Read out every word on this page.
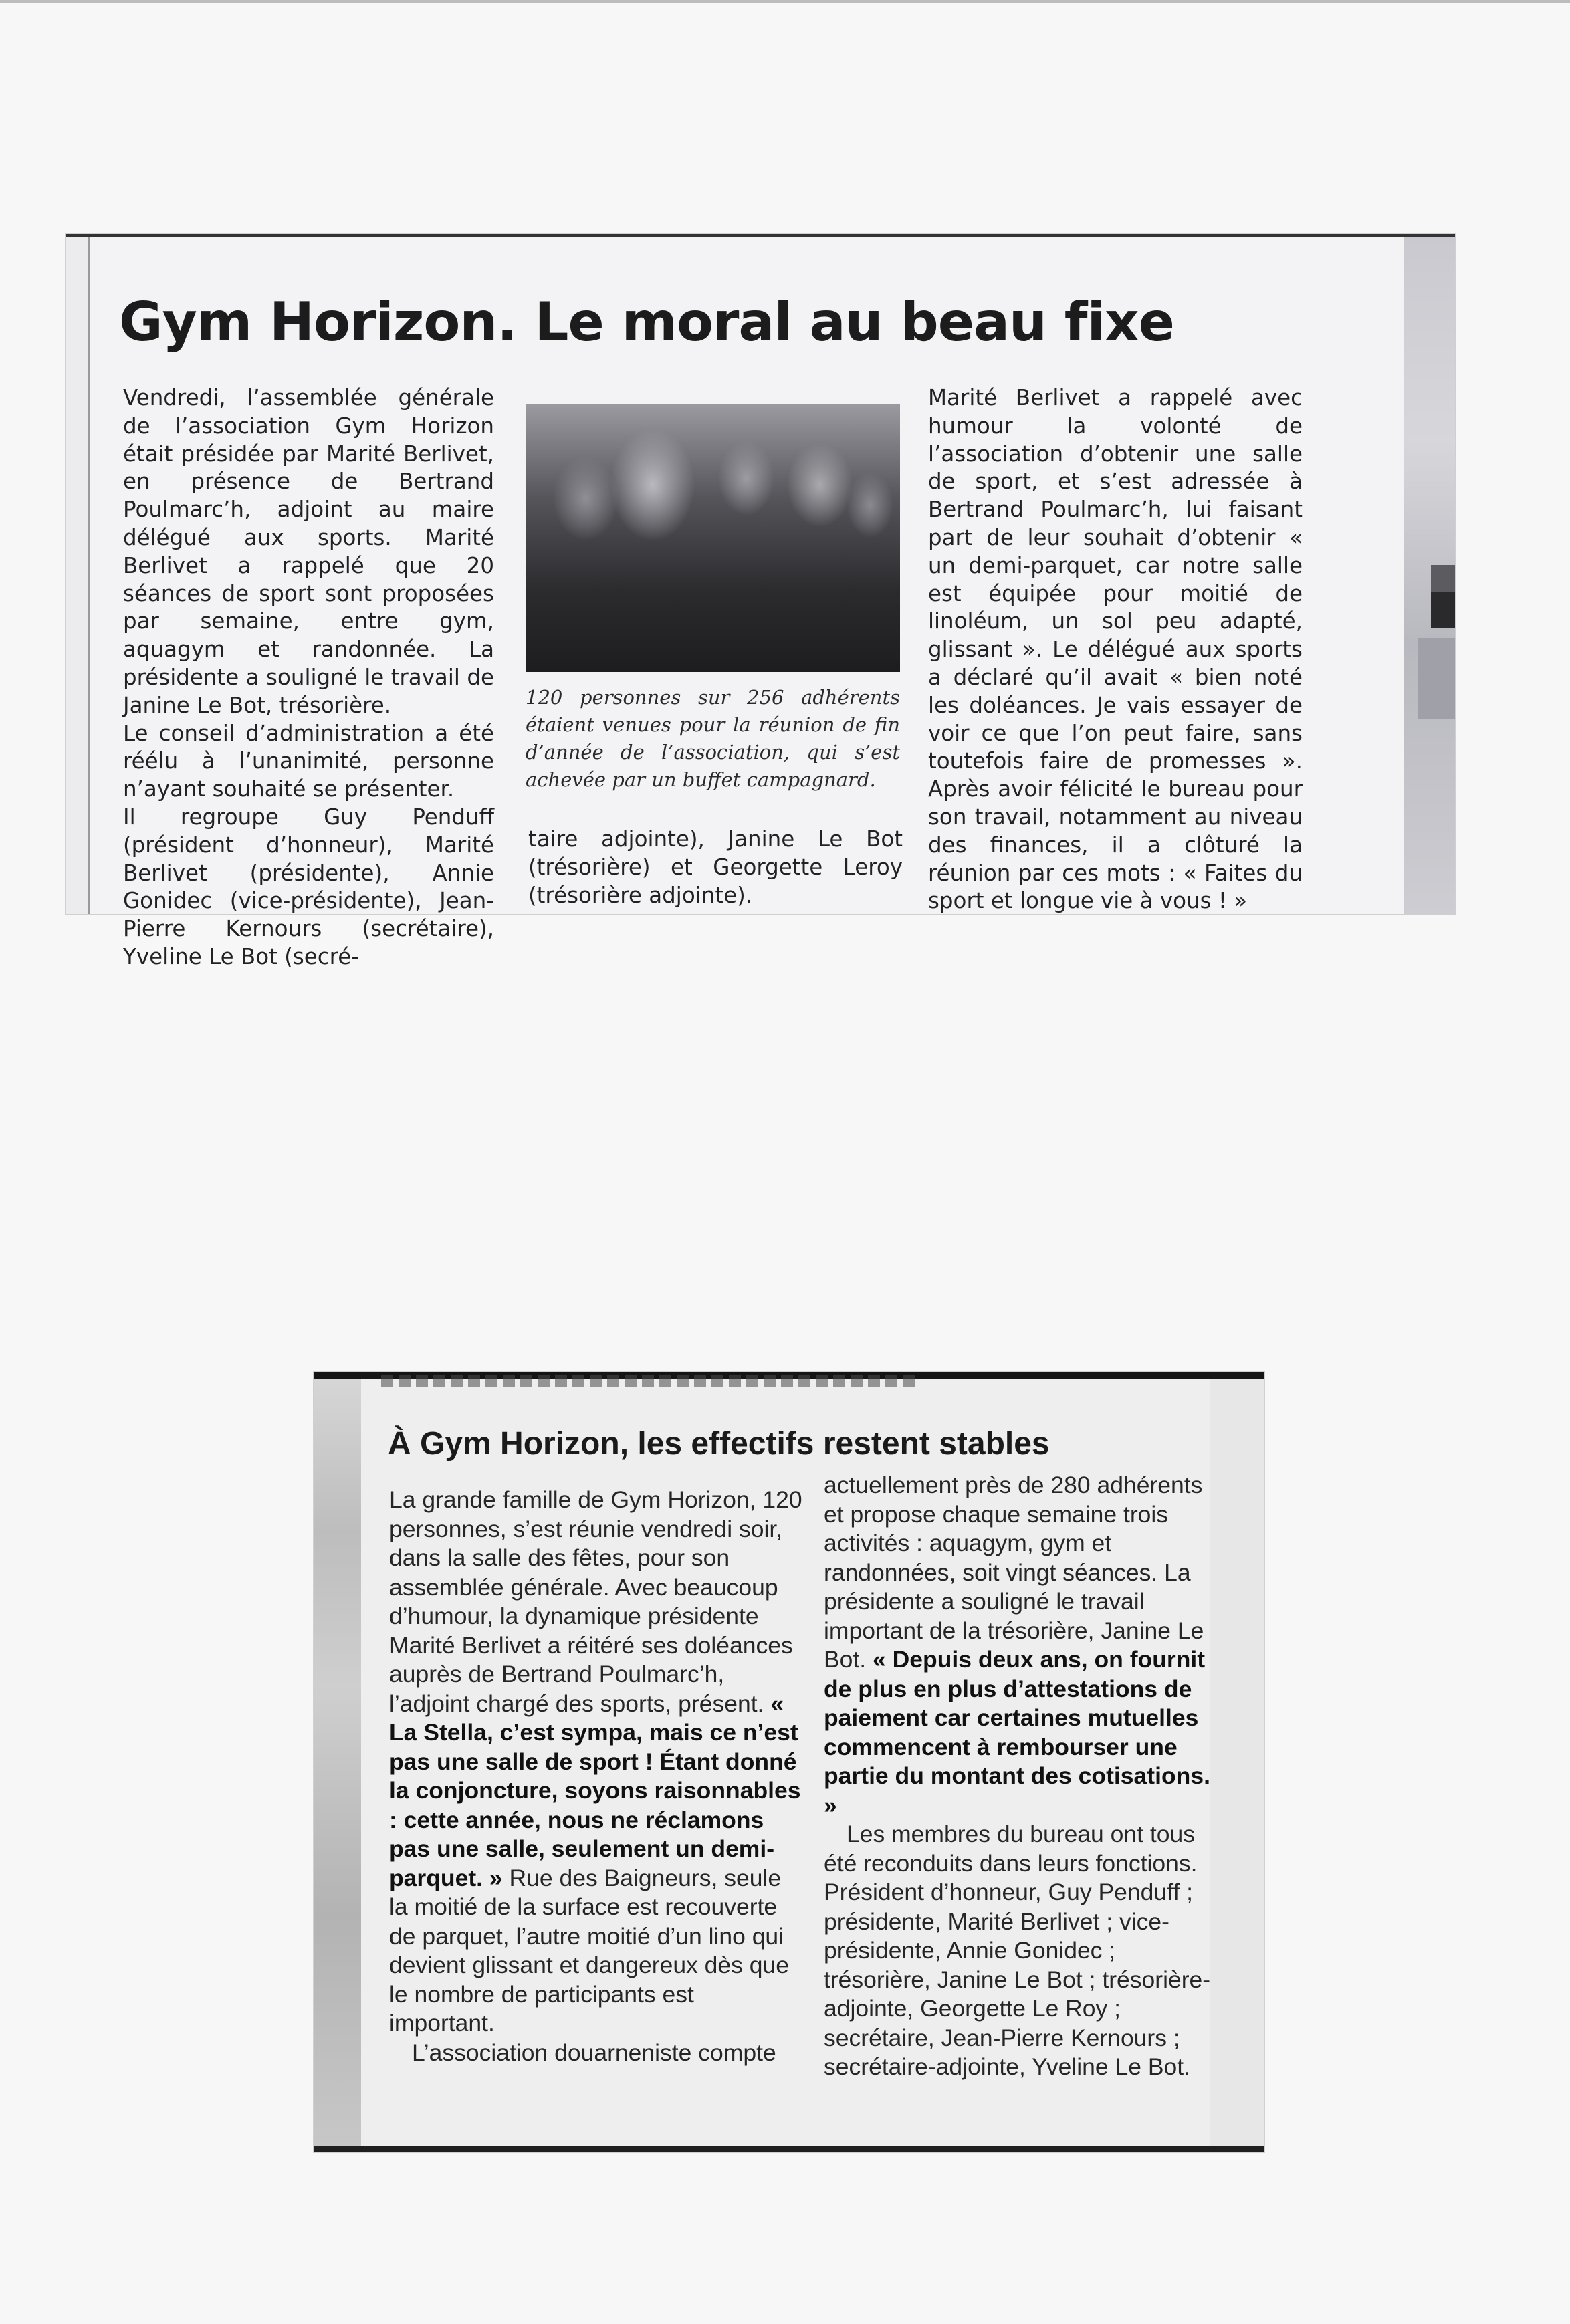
Gym Horizon. Le moral au beau fixe

Vendredi, l’assemblée générale de l’association Gym Horizon était présidée par Marité Berlivet, en présence de Bertrand Poulmarc’h, adjoint au maire délégué aux sports. Marité Berlivet a rappelé que 20 séances de sport sont proposées par semaine, entre gym, aquagym et randonnée. La présidente a souligné le travail de Janine Le Bot, trésorière.

Le conseil d’administration a été réélu à l’unanimité, personne n’ayant souhaité se présenter.

Il regroupe Guy Penduff (président d’honneur), Marité Berlivet (présidente), Annie Gonidec (vice-présidente), Jean-Pierre Kernours (secrétaire), Yveline Le Bot (secré-

120 personnes sur 256 adhérents étaient venues pour la réunion de fin d’année de l’association, qui s’est achevée par un buffet campagnard.

taire adjointe), Janine Le Bot (trésorière) et Georgette Leroy (trésorière adjointe).

Marité Berlivet a rappelé avec humour la volonté de l’association d’obtenir une salle de sport, et s’est adressée à Bertrand Poulmarc’h, lui faisant part de leur souhait d’obtenir « un demi-parquet, car notre salle est équipée pour moitié de linoléum, un sol peu adapté, glissant ». Le délégué aux sports a déclaré qu’il avait « bien noté les doléances. Je vais essayer de voir ce que l’on peut faire, sans toutefois faire de promesses ». Après avoir félicité le bureau pour son travail, notamment au niveau des finances, il a clôturé la réunion par ces mots : « Faites du sport et longue vie à vous ! »

À Gym Horizon, les effectifs restent stables

La grande famille de Gym Horizon, 120 personnes, s’est réunie vendredi soir, dans la salle des fêtes, pour son assemblée générale. Avec beaucoup d’humour, la dynamique présidente Marité Berlivet a réitéré ses doléances auprès de Bertrand Poulmarc’h, l’adjoint chargé des sports, présent. « La Stella, c’est sympa, mais ce n’est pas une salle de sport ! Étant donné la conjoncture, soyons raisonnables : cette année, nous ne réclamons pas une salle, seulement un demi-parquet. » Rue des Baigneurs, seule la moitié de la surface est recouverte de parquet, l’autre moitié d’un lino qui devient glissant et dangereux dès que le nombre de participants est important.

L’association douarneniste compte

actuellement près de 280 adhérents et propose chaque semaine trois activités : aquagym, gym et randonnées, soit vingt séances. La présidente a souligné le travail important de la trésorière, Janine Le Bot. « Depuis deux ans, on fournit de plus en plus d’attestations de paiement car certaines mutuelles commencent à rembourser une partie du montant des cotisations. »

Les membres du bureau ont tous été reconduits dans leurs fonctions. Président d’honneur, Guy Penduff ; présidente, Marité Berlivet ; vice-présidente, Annie Gonidec ; trésorière, Janine Le Bot ; trésorière-adjointe, Georgette Le Roy ; secrétaire, Jean-Pierre Kernours ; secrétaire-adjointe, Yveline Le Bot.
